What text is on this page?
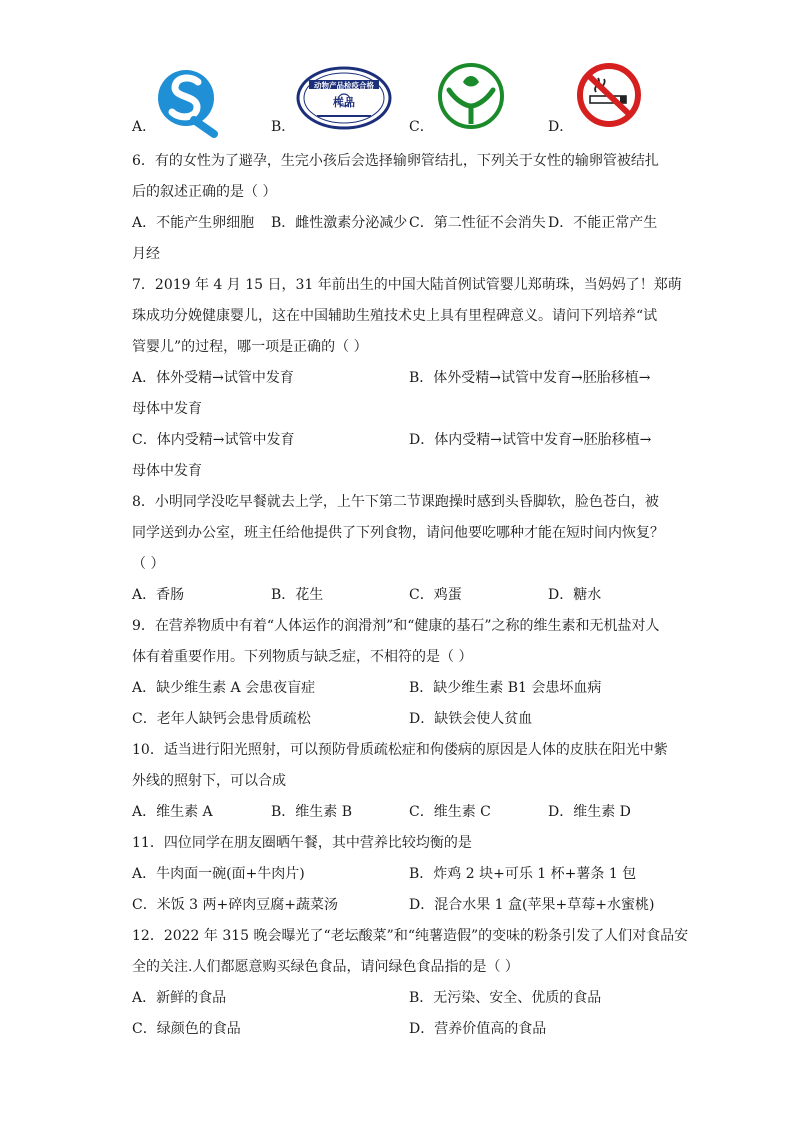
A．	B．
动物产品检疫合格
样品
C．	D．
6．有的女性为了避孕，生完小孩后会选择输卵管结扎，下列关于女性的输卵管被结扎
后的叙述正确的是（ ）
A．不能产生卵细胞 B．雌性激素分泌减少 C．第二性征不会消失 D．不能正常产生
月经
7．2019 年 4 月 15 日，31 年前出生的中国大陆首例试管婴儿郑萌珠，当妈妈了！郑萌
珠成功分娩健康婴儿，这在中国辅助生殖技术史上具有里程碑意义。请问下列培养“试
管婴儿”的过程，哪一项是正确的（ ）
A．体外受精→试管中发育	B．体外受精→试管中发育→胚胎移植→
母体中发育
C．体内受精→试管中发育	D．体内受精→试管中发育→胚胎移植→
母体中发育
8．小明同学没吃早餐就去上学，上午下第二节课跑操时感到头昏脚软，脸色苍白，被
同学送到办公室，班主任给他提供了下列食物，请问他要吃哪种才能在短时间内恢复？
（ ）
A．香肠	B．花生	C．鸡蛋	D．糖水
9．在营养物质中有着“人体运作的润滑剂”和“健康的基石”之称的维生素和无机盐对人
体有着重要作用。下列物质与缺乏症，不相符的是（ ）
A．缺少维生素 A 会患夜盲症	B．缺少维生素 B1 会患坏血病
C．老年人缺钙会患骨质疏松	D．缺铁会使人贫血
10．适当进行阳光照射，可以预防骨质疏松症和佝偻病的原因是人体的皮肤在阳光中紫
外线的照射下，可以合成
A．维生素 A	B．维生素 B	C．维生素 C	D．维生素 D
11．四位同学在朋友圈晒午餐，其中营养比较均衡的是
A．牛肉面一碗(面+牛肉片)	B．炸鸡 2 块+可乐 1 杯+薯条 1 包
C．米饭 3 两+碎肉豆腐+蔬菜汤	D．混合水果 1 盒(苹果+草莓+水蜜桃)
12．2022 年 315 晚会曝光了“老坛酸菜”和“纯薯造假”的变味的粉条引发了人们对食品安
全的关注.人们都愿意购买绿色食品，请问绿色食品指的是（ ）
A．新鲜的食品	B．无污染、安全、优质的食品
C．绿颜色的食品	D．营养价值高的食品
